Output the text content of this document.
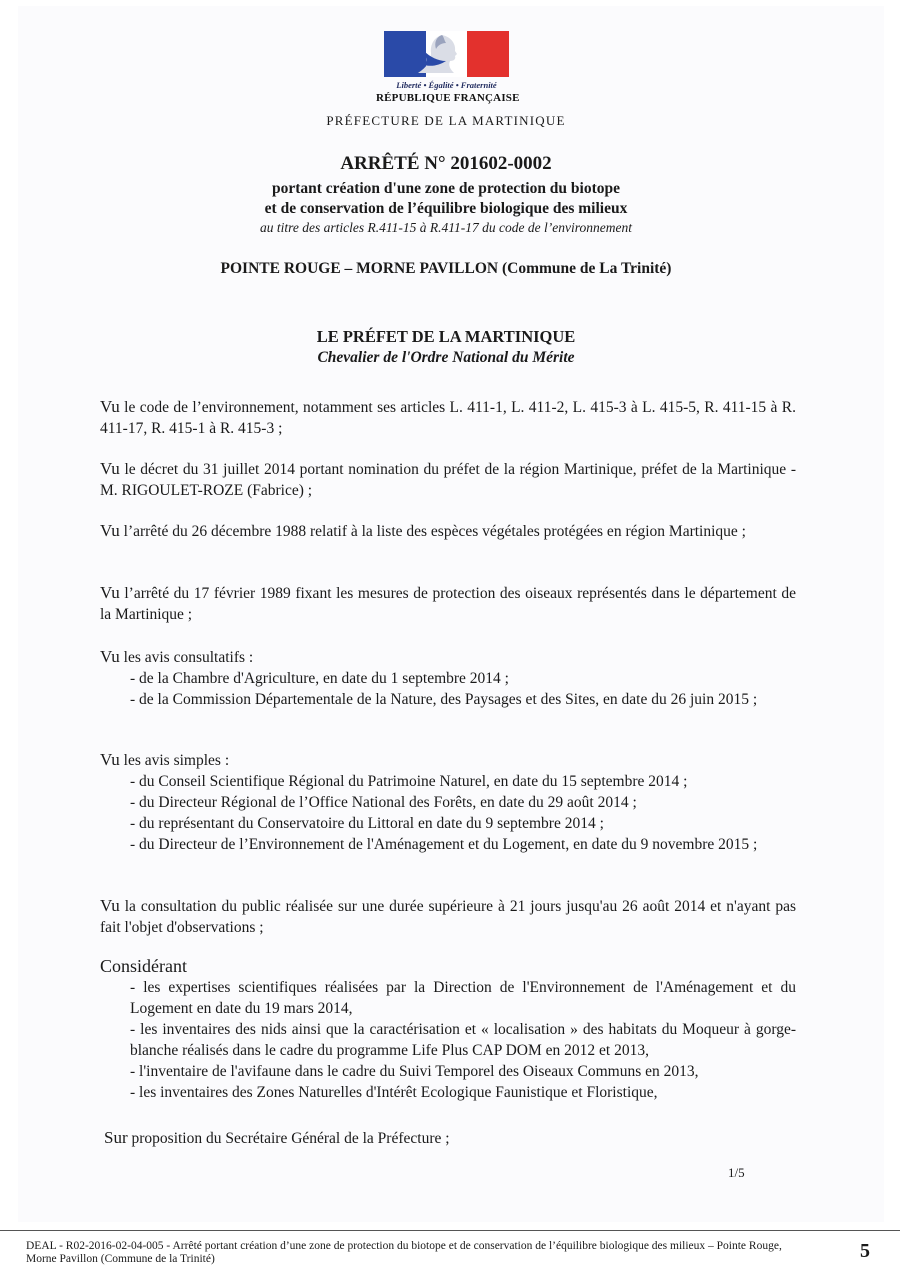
Liberté • Égalité • Fraternité
RÉPUBLIQUE FRANÇAISE
PRÉFECTURE DE LA MARTINIQUE
ARRÊTÉ N° 201602-0002
portant création d'une zone de protection du biotope
et de conservation de l’équilibre biologique des milieux
au titre des articles R.411-15 à R.411-17 du code de l’environnement
POINTE ROUGE – MORNE PAVILLON (Commune de La Trinité)
LE PRÉFET DE LA MARTINIQUE
Chevalier de l'Ordre National du Mérite

Vu le code de l’environnement, notamment ses articles L. 411-1, L. 411-2, L. 415-3 à L. 415-5, R. 411-15 à R. 411-17, R. 415-1 à R. 415-3 ;

Vu le décret du 31 juillet 2014 portant nomination du préfet de la région Martinique, préfet de la Martinique - M. RIGOULET-ROZE (Fabrice) ;

Vu l’arrêté du 26 décembre 1988 relatif à la liste des espèces végétales protégées en région Martinique ;

Vu l’arrêté du 17 février 1989 fixant les mesures de protection des oiseaux représentés dans le département de la Martinique ;

Vu les avis consultatifs :

- de la Chambre d'Agriculture, en date du 1 septembre 2014 ;

- de la Commission Départementale de la Nature, des Paysages et des Sites, en date du 26 juin 2015 ;

Vu les avis simples :

- du Conseil Scientifique Régional du Patrimoine Naturel, en date du 15 septembre 2014 ;

- du Directeur Régional de l’Office National des Forêts, en date du 29 août 2014 ;

- du représentant du Conservatoire du Littoral en date du 9 septembre 2014 ;

- du Directeur de l’Environnement de l'Aménagement et du Logement, en date du 9 novembre 2015 ;

Vu la consultation du public réalisée sur une durée supérieure à 21 jours jusqu'au 26 août 2014 et n'ayant pas fait l'objet d'observations ;

Considérant

- les expertises scientifiques réalisées par la Direction de l'Environnement de l'Aménagement et du Logement en date du 19 mars 2014,

- les inventaires des nids ainsi que la caractérisation et « localisation » des habitats du Moqueur à gorge-blanche réalisés dans le cadre du programme Life Plus CAP DOM en 2012 et 2013,

- l'inventaire de l'avifaune dans le cadre du Suivi Temporel des Oiseaux Communs en 2013,

- les inventaires des Zones Naturelles d'Intérêt Ecologique Faunistique et Floristique,

Sur proposition du Secrétaire Général de la Préfecture ;

1/5
DEAL - R02-2016-02-04-005 - Arrêté portant création d’une zone de protection du biotope et de conservation de l’équilibre biologique des milieux – Pointe Rouge, Morne Pavillon (Commune de la Trinité)	5
